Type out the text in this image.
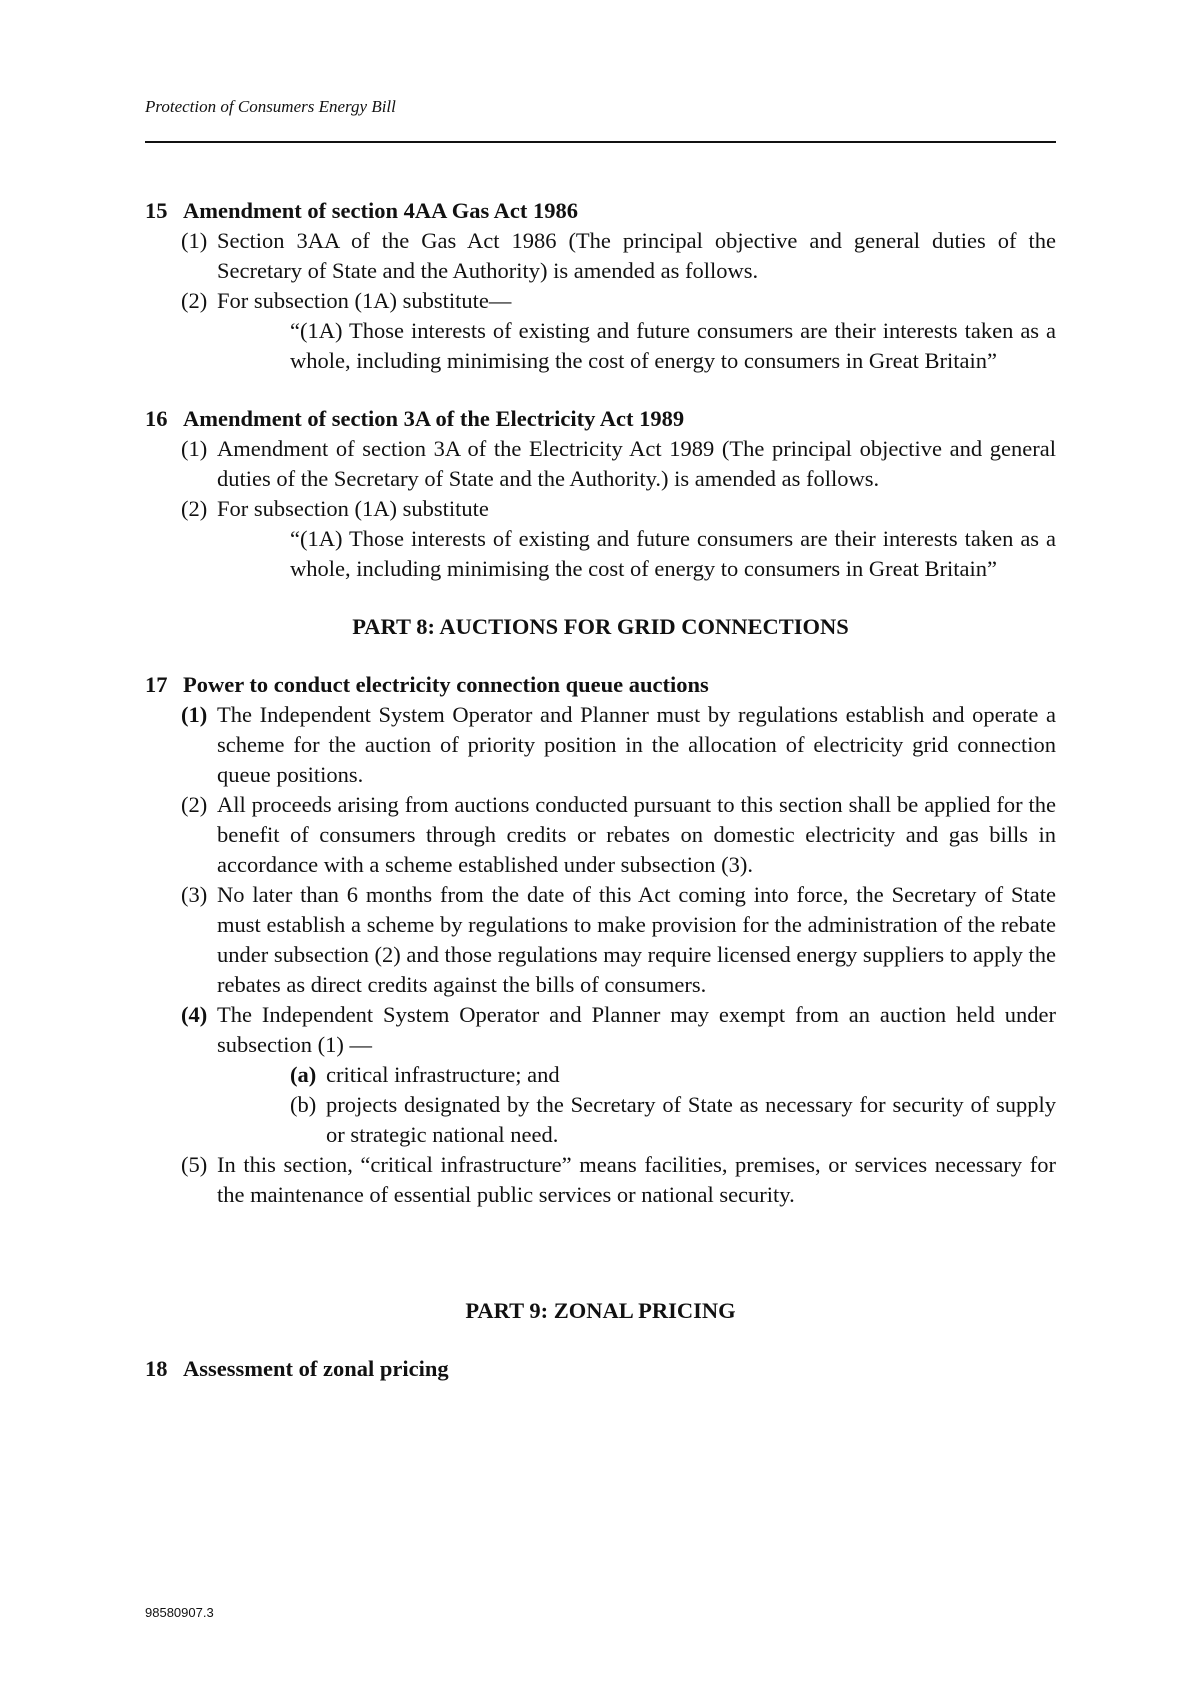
Protection of Consumers Energy Bill
15 Amendment of section 4AA Gas Act 1986
(1) Section 3AA of the Gas Act 1986 (The principal objective and general duties of the Secretary of State and the Authority) is amended as follows.
(2) For subsection (1A) substitute—
“(1A) Those interests of existing and future consumers are their interests taken as a whole, including minimising the cost of energy to consumers in Great Britain”
16 Amendment of section 3A of the Electricity Act 1989
(1) Amendment of section 3A of the Electricity Act 1989 (The principal objective and general duties of the Secretary of State and the Authority.) is amended as follows.
(2) For subsection (1A) substitute
“(1A) Those interests of existing and future consumers are their interests taken as a whole, including minimising the cost of energy to consumers in Great Britain”
PART 8: AUCTIONS FOR GRID CONNECTIONS
17 Power to conduct electricity connection queue auctions
(1) The Independent System Operator and Planner must by regulations establish and operate a scheme for the auction of priority position in the allocation of electricity grid connection queue positions.
(2) All proceeds arising from auctions conducted pursuant to this section shall be applied for the benefit of consumers through credits or rebates on domestic electricity and gas bills in accordance with a scheme established under subsection (3).
(3) No later than 6 months from the date of this Act coming into force, the Secretary of State must establish a scheme by regulations to make provision for the administration of the rebate under subsection (2) and those regulations may require licensed energy suppliers to apply the rebates as direct credits against the bills of consumers.
(4) The Independent System Operator and Planner may exempt from an auction held under subsection (1) —
(a) critical infrastructure; and
(b) projects designated by the Secretary of State as necessary for security of supply or strategic national need.
(5) In this section, “critical infrastructure” means facilities, premises, or services necessary for the maintenance of essential public services or national security.
PART 9: ZONAL PRICING
18 Assessment of zonal pricing
98580907.3
